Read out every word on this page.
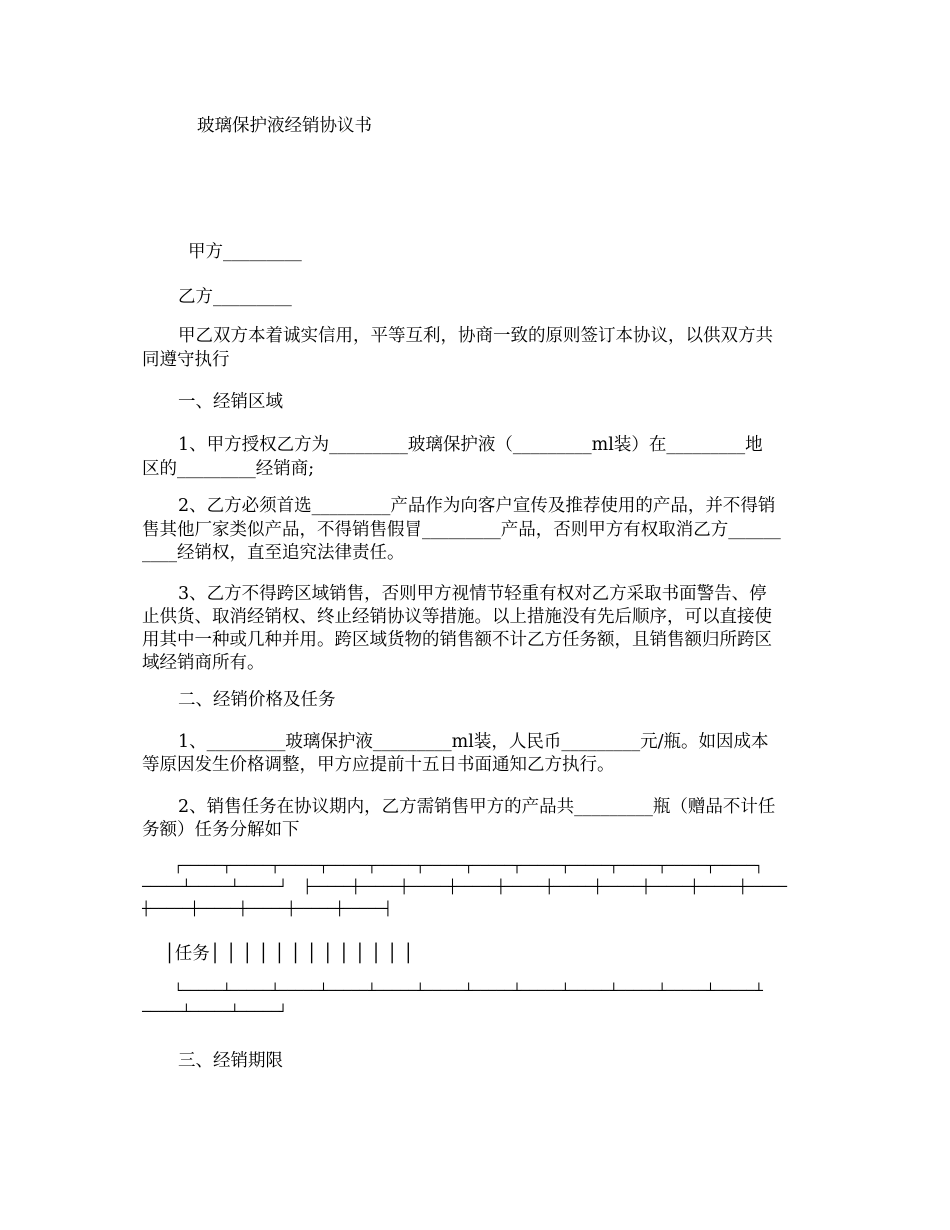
玻璃保护液经销协议书
甲方_________
乙方_________
甲乙双方本着诚实信用，平等互利，协商一致的原则签订本协议，以供双方共
同遵守执行
一、经销区域
1、甲方授权乙方为_________玻璃保护液（_________ml装）在_________地
区的_________经销商;
2、乙方必须首选_________产品作为向客户宣传及推荐使用的产品，并不得销
售其他厂家类似产品，不得销售假冒_________产品，否则甲方有权取消乙方______
____经销权，直至追究法律责任。
3、乙方不得跨区域销售，否则甲方视情节轻重有权对乙方采取书面警告、停
止供货、取消经销权、终止经销协议等措施。以上措施没有先后顺序，可以直接使
用其中一种或几种并用。跨区域货物的销售额不计乙方任务额，且销售额归所跨区
域经销商所有。
二、经销价格及任务
1、_________玻璃保护液_________ml装，人民币_________元/瓶。如因成本
等原因发生价格调整，甲方应提前十五日书面通知乙方执行。
2、销售任务在协议期内，乙方需销售甲方的产品共_________瓶（赠品不计任
务额）任务分解如下
┌─────┬─────┬─────┬─────┬─────┬─────┬─────┬─────┬─────┬─────┬─────┬─────┐
─────┴─────┴─────┘  ├─────┼─────┼─────┼─────┼─────┼─────┼─────┼─────┼─────┼─────
┼─────┼─────┼─────┼─────┼─────┤
│任务│ │ │ │ │ │ │ │ │ │ │ │ │
└─────┴─────┴─────┴─────┴─────┴─────┴─────┴─────┴─────┴─────┴─────┴─────┴
─────┴─────┴─────┘
三、经销期限
